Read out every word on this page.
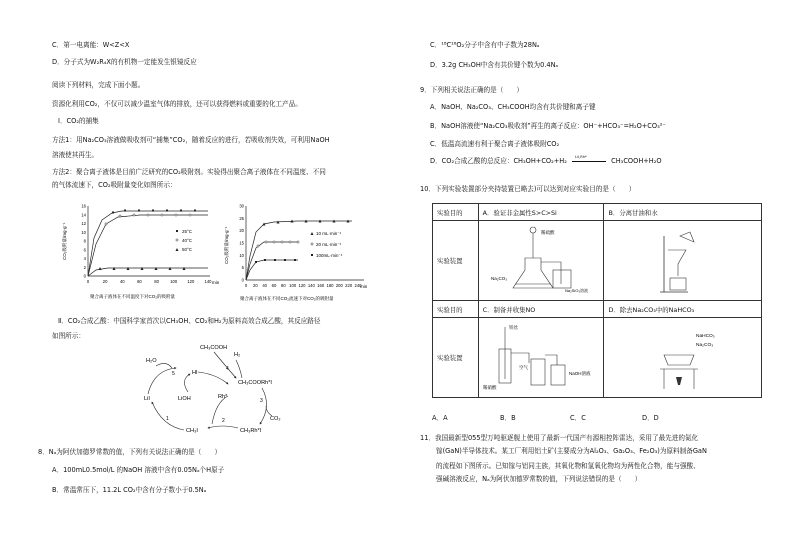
C．第一电离能：W<Z<X
D．分子式为W₂R₄X的有机物一定能发生银镜反应
阅读下列材料，完成下面小题。
资源化利用CO₂，不仅可以减少温室气体的排放，还可以获得燃料或重要的化工产品。
Ⅰ．CO₂的捕集
方法1：用Na₂CO₃溶液做吸收剂可“捕集”CO₂，随着反应的进行，若吸收剂失效，可利用NaOH
溶液使其再生。
方法2：聚合离子液体是目前广泛研究的CO₂吸附剂。实验得出聚合离子液体在不同温度、不同
的气体流速下，CO₂吸附量变化如图所示：
CO₂吸附量/mg·g⁻¹
min
0
2
4
6
8
10
12
14
16
0	20	40	60	80	100 120 140
25°C
40°C
50°C
聚合离子液体在不同温度下对CO₂的吸附量
CO₂吸附量/mg·g⁻¹
min
0
5
10
15
20
25
30
0 20 40 60 80 100 120 140 160 180 200 220 240
10 mL·min⁻¹
20 mL·min⁻¹
100mL·min⁻¹
聚合离子液体在不同CO₂流速下对CO₂的吸附量
Ⅱ．CO₂合成乙酸：中国科学家首次以CH₃OH、CO₂和H₂为原料高效合成乙酸，其反应路径
如图所示：
CH₃COOH
H₂
H₂O
HI
CH₃COORh*I
LiI	LiOH	Rh*
CO₂
CH₃I	CH₃Rh*I
5
4
3
2
1
8．Nₐ为阿伏加德罗常数的值，下列有关说法正确的是（　　）
A．100mL0.5mol/L 的NaOH 溶液中含有0.05Nₐ个H原子
B．常温常压下，11.2L CO₂中含有分子数小于0.5Nₐ
C．¹⁸C¹⁶O₂分子中含有中子数为28Nₐ
D．3.2g CH₃OH中含有共价键个数为0.4Nₐ
9．下列相关说法正确的是（　　）
A．NaOH、Na₂CO₃、CH₃COOH均含有共价键和离子键
B．NaOH溶液使“Na₂CO₃吸收剂”再生的离子反应：OH⁻+HCO₃⁻=H₂O+CO₃²⁻
C．低温高流速有利于聚合离子液体吸附CO₂
D．CO₂合成乙酸的总反应：CH₃OH+CO₂+H₂ LiI,Rh*	CH₃COOH+H₂O
10．下列实验装置部分夹持装置已略去)可以达到对应实验目的是（　　）
实验目的	A．验证非金属性S>C>Si	B．分离甘油和水
实验装置	稀硫酸
Na₂CO₃
Na₂SiO₃溶液

实验目的	C．制备并收集NO	D．除去Na₂CO₃中的NaHCO₃
实验装置	铁丝
稀硝酸
空气
NaOH溶液	NaHCO₃
Na₂CO₃
A．A	B．B	C．C	D．D
11．我国最新型055型万吨驱逐舰上使用了最新一代国产有源相控阵雷达，采用了最先进的氮化
镓(GaN)半导体技术。某工厂利用铝土矿(主要成分为Al₂O₃、Ga₂O₃、Fe₂O₃)为原料制备GaN
的流程如下图所示。已知镓与铝同主族，其氧化物和氢氧化物均为两性化合物，能与强酸、
强碱溶液反应，Nₐ为阿伏加德罗常数的值，下列说法错误的是（　　）
